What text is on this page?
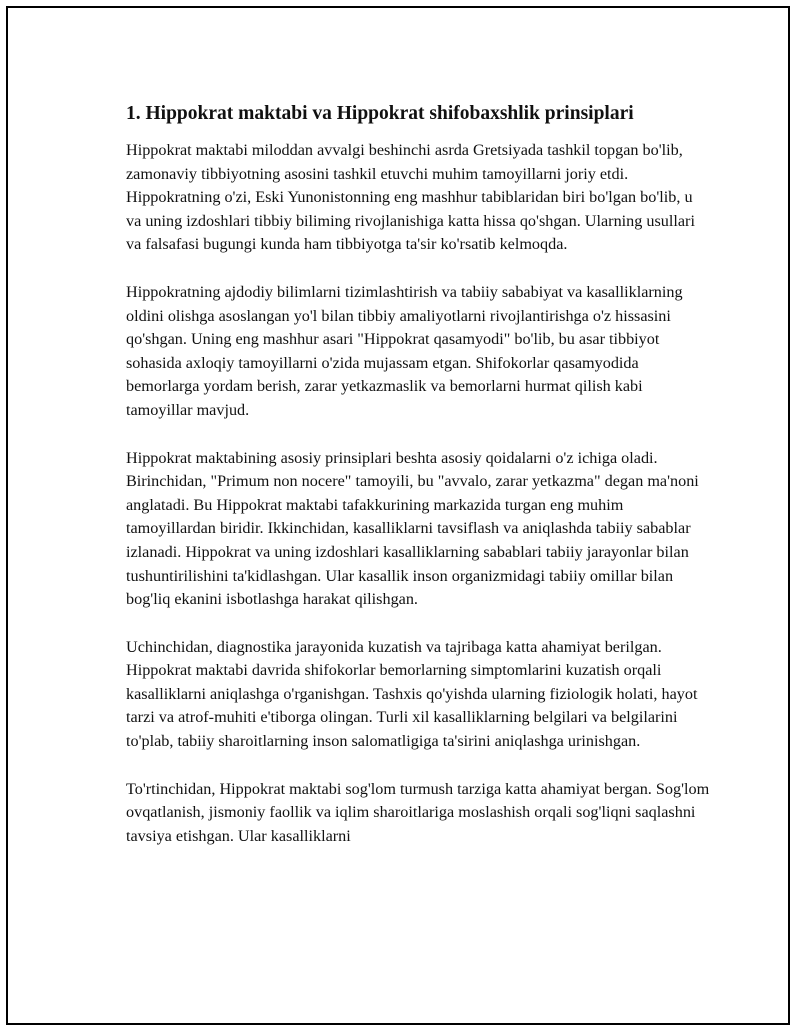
1. Hippokrat maktabi va Hippokrat shifobaxshlik prinsiplari

Hippokrat maktabi miloddan avvalgi beshinchi asrda Gretsiyada tashkil topgan bo'lib, zamonaviy tibbiyotning asosini tashkil etuvchi muhim tamoyillarni joriy etdi. Hippokratning o'zi, Eski Yunonistonning eng mashhur tabiblaridan biri bo'lgan bo'lib, u va uning izdoshlari tibbiy biliming rivojlanishiga katta hissa qo'shgan. Ularning usullari va falsafasi bugungi kunda ham tibbiyotga ta'sir ko'rsatib kelmoqda.

Hippokratning ajdodiy bilimlarni tizimlashtirish va tabiiy sababiyat va kasalliklarning oldini olishga asoslangan yo'l bilan tibbiy amaliyotlarni rivojlantirishga o'z hissasini qo'shgan. Uning eng mashhur asari "Hippokrat qasamyodi" bo'lib, bu asar tibbiyot sohasida axloqiy tamoyillarni o'zida mujassam etgan. Shifokorlar qasamyodida bemorlarga yordam berish, zarar yetkazmaslik va bemorlarni hurmat qilish kabi tamoyillar mavjud.

Hippokrat maktabining asosiy prinsiplari beshta asosiy qoidalarni o'z ichiga oladi. Birinchidan, "Primum non nocere" tamoyili, bu "avvalo, zarar yetkazma" degan ma'noni anglatadi. Bu Hippokrat maktabi tafakkurining markazida turgan eng muhim tamoyillardan biridir. Ikkinchidan, kasalliklarni tavsiflash va aniqlashda tabiiy sabablar izlanadi. Hippokrat va uning izdoshlari kasalliklarning sabablari tabiiy jarayonlar bilan tushuntirilishini ta'kidlashgan. Ular kasallik inson organizmidagi tabiiy omillar bilan bog'liq ekanini isbotlashga harakat qilishgan.

Uchinchidan, diagnostika jarayonida kuzatish va tajribaga katta ahamiyat berilgan. Hippokrat maktabi davrida shifokorlar bemorlarning simptomlarini kuzatish orqali kasalliklarni aniqlashga o'rganishgan. Tashxis qo'yishda ularning fiziologik holati, hayot tarzi va atrof-muhiti e'tiborga olingan. Turli xil kasalliklarning belgilari va belgilarini to'plab, tabiiy sharoitlarning inson salomatligiga ta'sirini aniqlashga urinishgan.

To'rtinchidan, Hippokrat maktabi sog'lom turmush tarziga katta ahamiyat bergan. Sog'lom ovqatlanish, jismoniy faollik va iqlim sharoitlariga moslashish orqali sog'liqni saqlashni tavsiya etishgan. Ular kasalliklarni
